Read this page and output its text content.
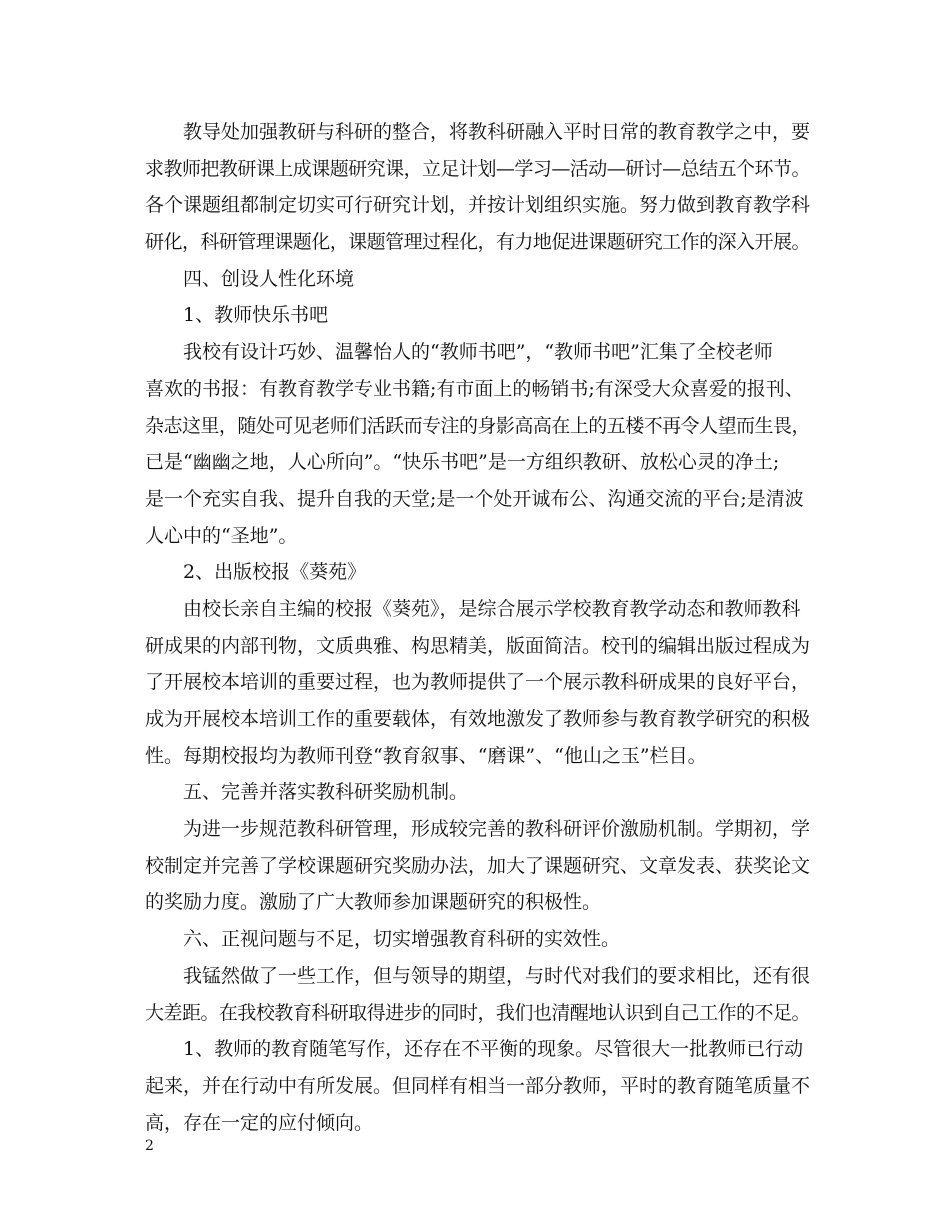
教导处加强教研与科研的整合，将教科研融入平时日常的教育教学之中，要
求教师把教研课上成课题研究课，立足计划—学习—活动—研讨—总结五个环节。
各个课题组都制定切实可行研究计划，并按计划组织实施。努力做到教育教学科
研化，科研管理课题化，课题管理过程化，有力地促进课题研究工作的深入开展。
四、创设人性化环境
1、教师快乐书吧
我校有设计巧妙、温馨怡人的“教师书吧”，“教师书吧”汇集了全校老师
喜欢的书报：有教育教学专业书籍;有市面上的畅销书;有深受大众喜爱的报刊、
杂志这里，随处可见老师们活跃而专注的身影高高在上的五楼不再令人望而生畏，
已是“幽幽之地，人心所向”。“快乐书吧”是一方组织教研、放松心灵的净土;
是一个充实自我、提升自我的天堂;是一个处开诚布公、沟通交流的平台;是清波
人心中的“圣地”。
2、出版校报《葵苑》
由校长亲自主编的校报《葵苑》，是综合展示学校教育教学动态和教师教科
研成果的内部刊物，文质典雅、构思精美，版面简洁。校刊的编辑出版过程成为
了开展校本培训的重要过程，也为教师提供了一个展示教科研成果的良好平台，
成为开展校本培训工作的重要载体，有效地激发了教师参与教育教学研究的积极
性。每期校报均为教师刊登“教育叙事、“磨课”、“他山之玉”栏目。
五、完善并落实教科研奖励机制。
为进一步规范教科研管理，形成较完善的教科研评价激励机制。学期初，学
校制定并完善了学校课题研究奖励办法，加大了课题研究、文章发表、获奖论文
的奖励力度。激励了广大教师参加课题研究的积极性。
六、正视问题与不足，切实增强教育科研的实效性。
我锰然做了一些工作，但与领导的期望，与时代对我们的要求相比，还有很
大差距。在我校教育科研取得进步的同时，我们也清醒地认识到自己工作的不足。
1、教师的教育随笔写作，还存在不平衡的现象。尽管很大一批教师已行动
起来，并在行动中有所发展。但同样有相当一部分教师，平时的教育随笔质量不
高，存在一定的应付倾向。
2
